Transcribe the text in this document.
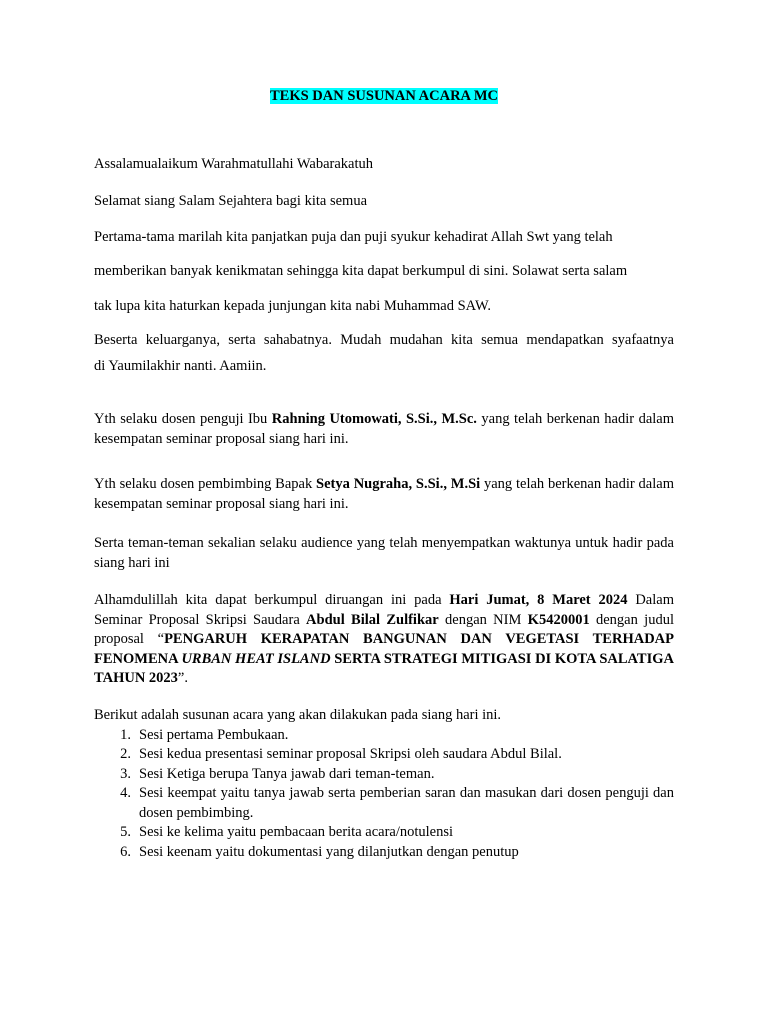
TEKS DAN SUSUNAN ACARA MC
Assalamualaikum Warahmatullahi Wabarakatuh
Selamat siang Salam Sejahtera bagi kita semua
Pertama-tama marilah kita panjatkan puja dan puji syukur kehadirat Allah Swt yang telah
memberikan banyak kenikmatan sehingga kita dapat berkumpul di sini. Solawat serta salam
tak lupa kita haturkan kepada junjungan kita nabi Muhammad SAW.
Beserta keluarganya, serta sahabatnya. Mudah mudahan kita semua mendapatkan syafaatnya
di Yaumilakhir nanti. Aamiin.
Yth selaku dosen penguji Ibu Rahning Utomowati, S.Si., M.Sc. yang telah berkenan hadir dalam kesempatan seminar proposal siang hari ini.
Yth selaku dosen pembimbing Bapak Setya Nugraha, S.Si., M.Si yang telah berkenan hadir dalam kesempatan seminar proposal siang hari ini.
Serta teman-teman sekalian selaku audience yang telah menyempatkan waktunya untuk hadir pada siang hari ini
Alhamdulillah kita dapat berkumpul diruangan ini pada Hari Jumat, 8 Maret 2024 Dalam Seminar Proposal Skripsi Saudara Abdul Bilal Zulfikar dengan NIM K5420001 dengan judul proposal “PENGARUH KERAPATAN BANGUNAN DAN VEGETASI TERHADAP FENOMENA URBAN HEAT ISLAND SERTA STRATEGI MITIGASI DI KOTA SALATIGA TAHUN 2023”.

Berikut adalah susunan acara yang akan dilakukan pada siang hari ini.

1. Sesi pertama Pembukaan.
2. Sesi kedua presentasi seminar proposal Skripsi oleh saudara Abdul Bilal.
3. Sesi Ketiga berupa Tanya jawab dari teman-teman.
4. Sesi keempat yaitu tanya jawab serta pemberian saran dan masukan dari dosen penguji dan dosen pembimbing.
5. Sesi ke kelima yaitu pembacaan berita acara/notulensi
6. Sesi keenam yaitu dokumentasi yang dilanjutkan dengan penutup
